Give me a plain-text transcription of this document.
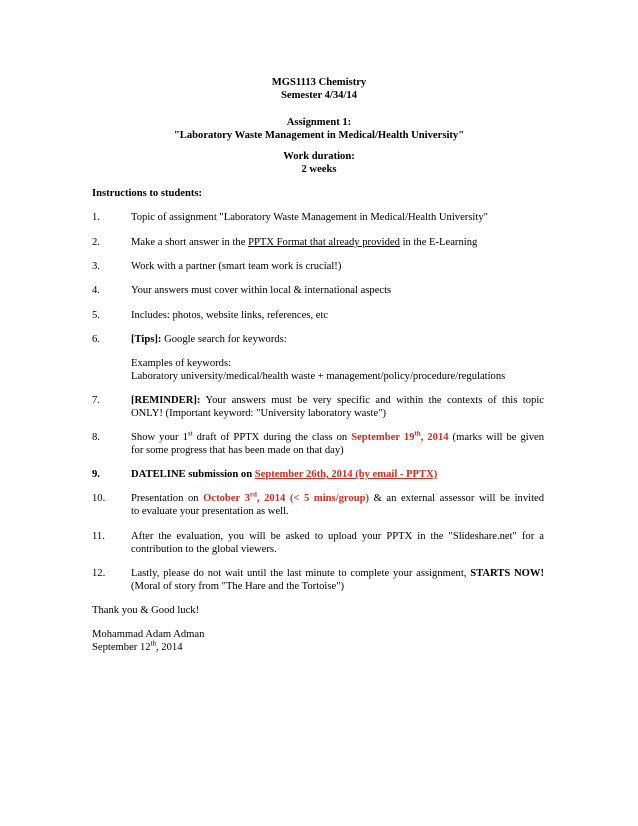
MGS1113 Chemistry
Semester 4/34/14
Assignment 1:
"Laboratory Waste Management in Medical/Health University"
Work duration:
2 weeks
Instructions to students:
1.	Topic of assignment "Laboratory Waste Management in Medical/Health University"
2.	Make a short answer in the PPTX Format that already provided in the E-Learning
3.	Work with a partner (smart team work is crucial!)
4.	Your answers must cover within local & international aspects
5.	Includes: photos, website links, references, etc
6.	[Tips]: Google search for keywords:
Examples of keywords:
Laboratory university/medical/health waste + management/policy/procedure/regulations
7.	[REMINDER]: Your answers must be very specific and within the contexts of this topic
ONLY! (Important keyword: "University laboratory waste")
8.	Show your 1st draft of PPTX during the class on September 19th, 2014 (marks will be given
for some progress that has been made on that day)
9.	DATELINE submission on September 26th, 2014 (by email - PPTX)
10. Presentation on October 3rd, 2014 (< 5 mins/group) & an external assessor will be invited
to evaluate your presentation as well.
11. After the evaluation, you will be asked to upload your PPTX in the "Slideshare.net" for a
contribution to the global viewers.
12. Lastly, please do not wait until the last minute to complete your assignment, STARTS NOW!
(Moral of story from "The Hare and the Tortoise")
Thank you & Good luck!
Mohammad Adam Adman
September 12th, 2014
